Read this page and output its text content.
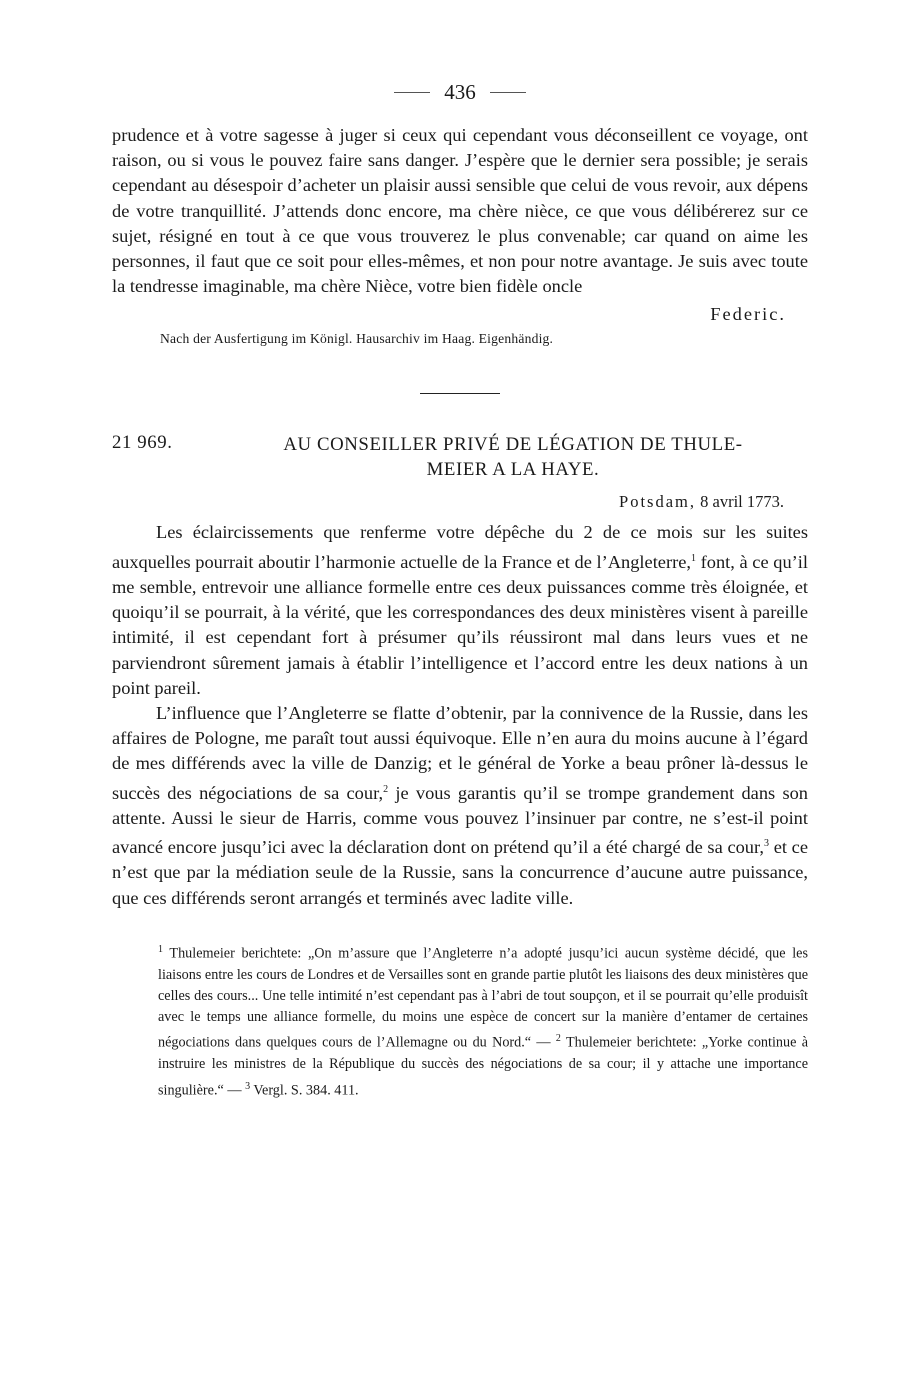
436

prudence et à votre sagesse à juger si ceux qui cependant vous déconseillent ce voyage, ont raison, ou si vous le pouvez faire sans danger. J’espère que le dernier sera possible; je serais cependant au désespoir d’acheter un plaisir aussi sensible que celui de vous revoir, aux dépens de votre tranquillité. J’attends donc encore, ma chère nièce, ce que vous délibérerez sur ce sujet, résigné en tout à ce que vous trouverez le plus convenable; car quand on aime les personnes, il faut que ce soit pour elles-mêmes, et non pour notre avantage. Je suis avec toute la tendresse imaginable, ma chère Nièce, votre bien fidèle oncle

Federic.
Nach der Ausfertigung im Königl. Hausarchiv im Haag. Eigenhändig.
21 969.	AU CONSEILLER PRIVÉ DE LÉGATION DE THULE-
MEIER A LA HAYE.
Potsdam, 8 avril 1773.

Les éclaircissements que renferme votre dépêche du 2 de ce mois sur les suites auxquelles pourrait aboutir l’harmonie actuelle de la France et de l’Angleterre,$^1$ font, à ce qu’il me semble, entrevoir une alliance formelle entre ces deux puissances comme très éloignée, et quoiqu’il se pourrait, à la vérité, que les correspondances des deux ministères visent à pareille intimité, il est cependant fort à présumer qu’ils réussiront mal dans leurs vues et ne parviendront sûrement jamais à établir l’intelligence et l’accord entre les deux nations à un point pareil.

L’influence que l’Angleterre se flatte d’obtenir, par la connivence de la Russie, dans les affaires de Pologne, me paraît tout aussi équivoque. Elle n’en aura du moins aucune à l’égard de mes différends avec la ville de Danzig; et le général de Yorke a beau prôner là-dessus le succès des négociations de sa cour,$^2$ je vous garantis qu’il se trompe grandement dans son attente. Aussi le sieur de Harris, comme vous pouvez l’insinuer par contre, ne s’est-il point avancé encore jusqu’ici avec la déclaration dont on prétend qu’il a été chargé de sa cour,$^3$ et ce n’est que par la médiation seule de la Russie, sans la concurrence d’aucune autre puissance, que ces différends seront arrangés et terminés avec ladite ville.

$^1$ Thulemeier berichtete: „On m’assure que l’Angleterre n’a adopté jusqu’ici aucun système décidé, que les liaisons entre les cours de Londres et de Versailles sont en grande partie plutôt les liaisons des deux ministères que celles des cours... Une telle intimité n’est cependant pas à l’abri de tout soupçon, et il se pourrait qu’elle produisît avec le temps une alliance formelle, du moins une espèce de concert sur la manière d’entamer de certaines négociations dans quelques cours de l’Allemagne ou du Nord.“ — $^2$ Thulemeier berichtete: „Yorke continue à instruire les ministres de la République du succès des négociations de sa cour; il y attache une importance singulière.“ — $^3$ Vergl. S. 384. 411.
